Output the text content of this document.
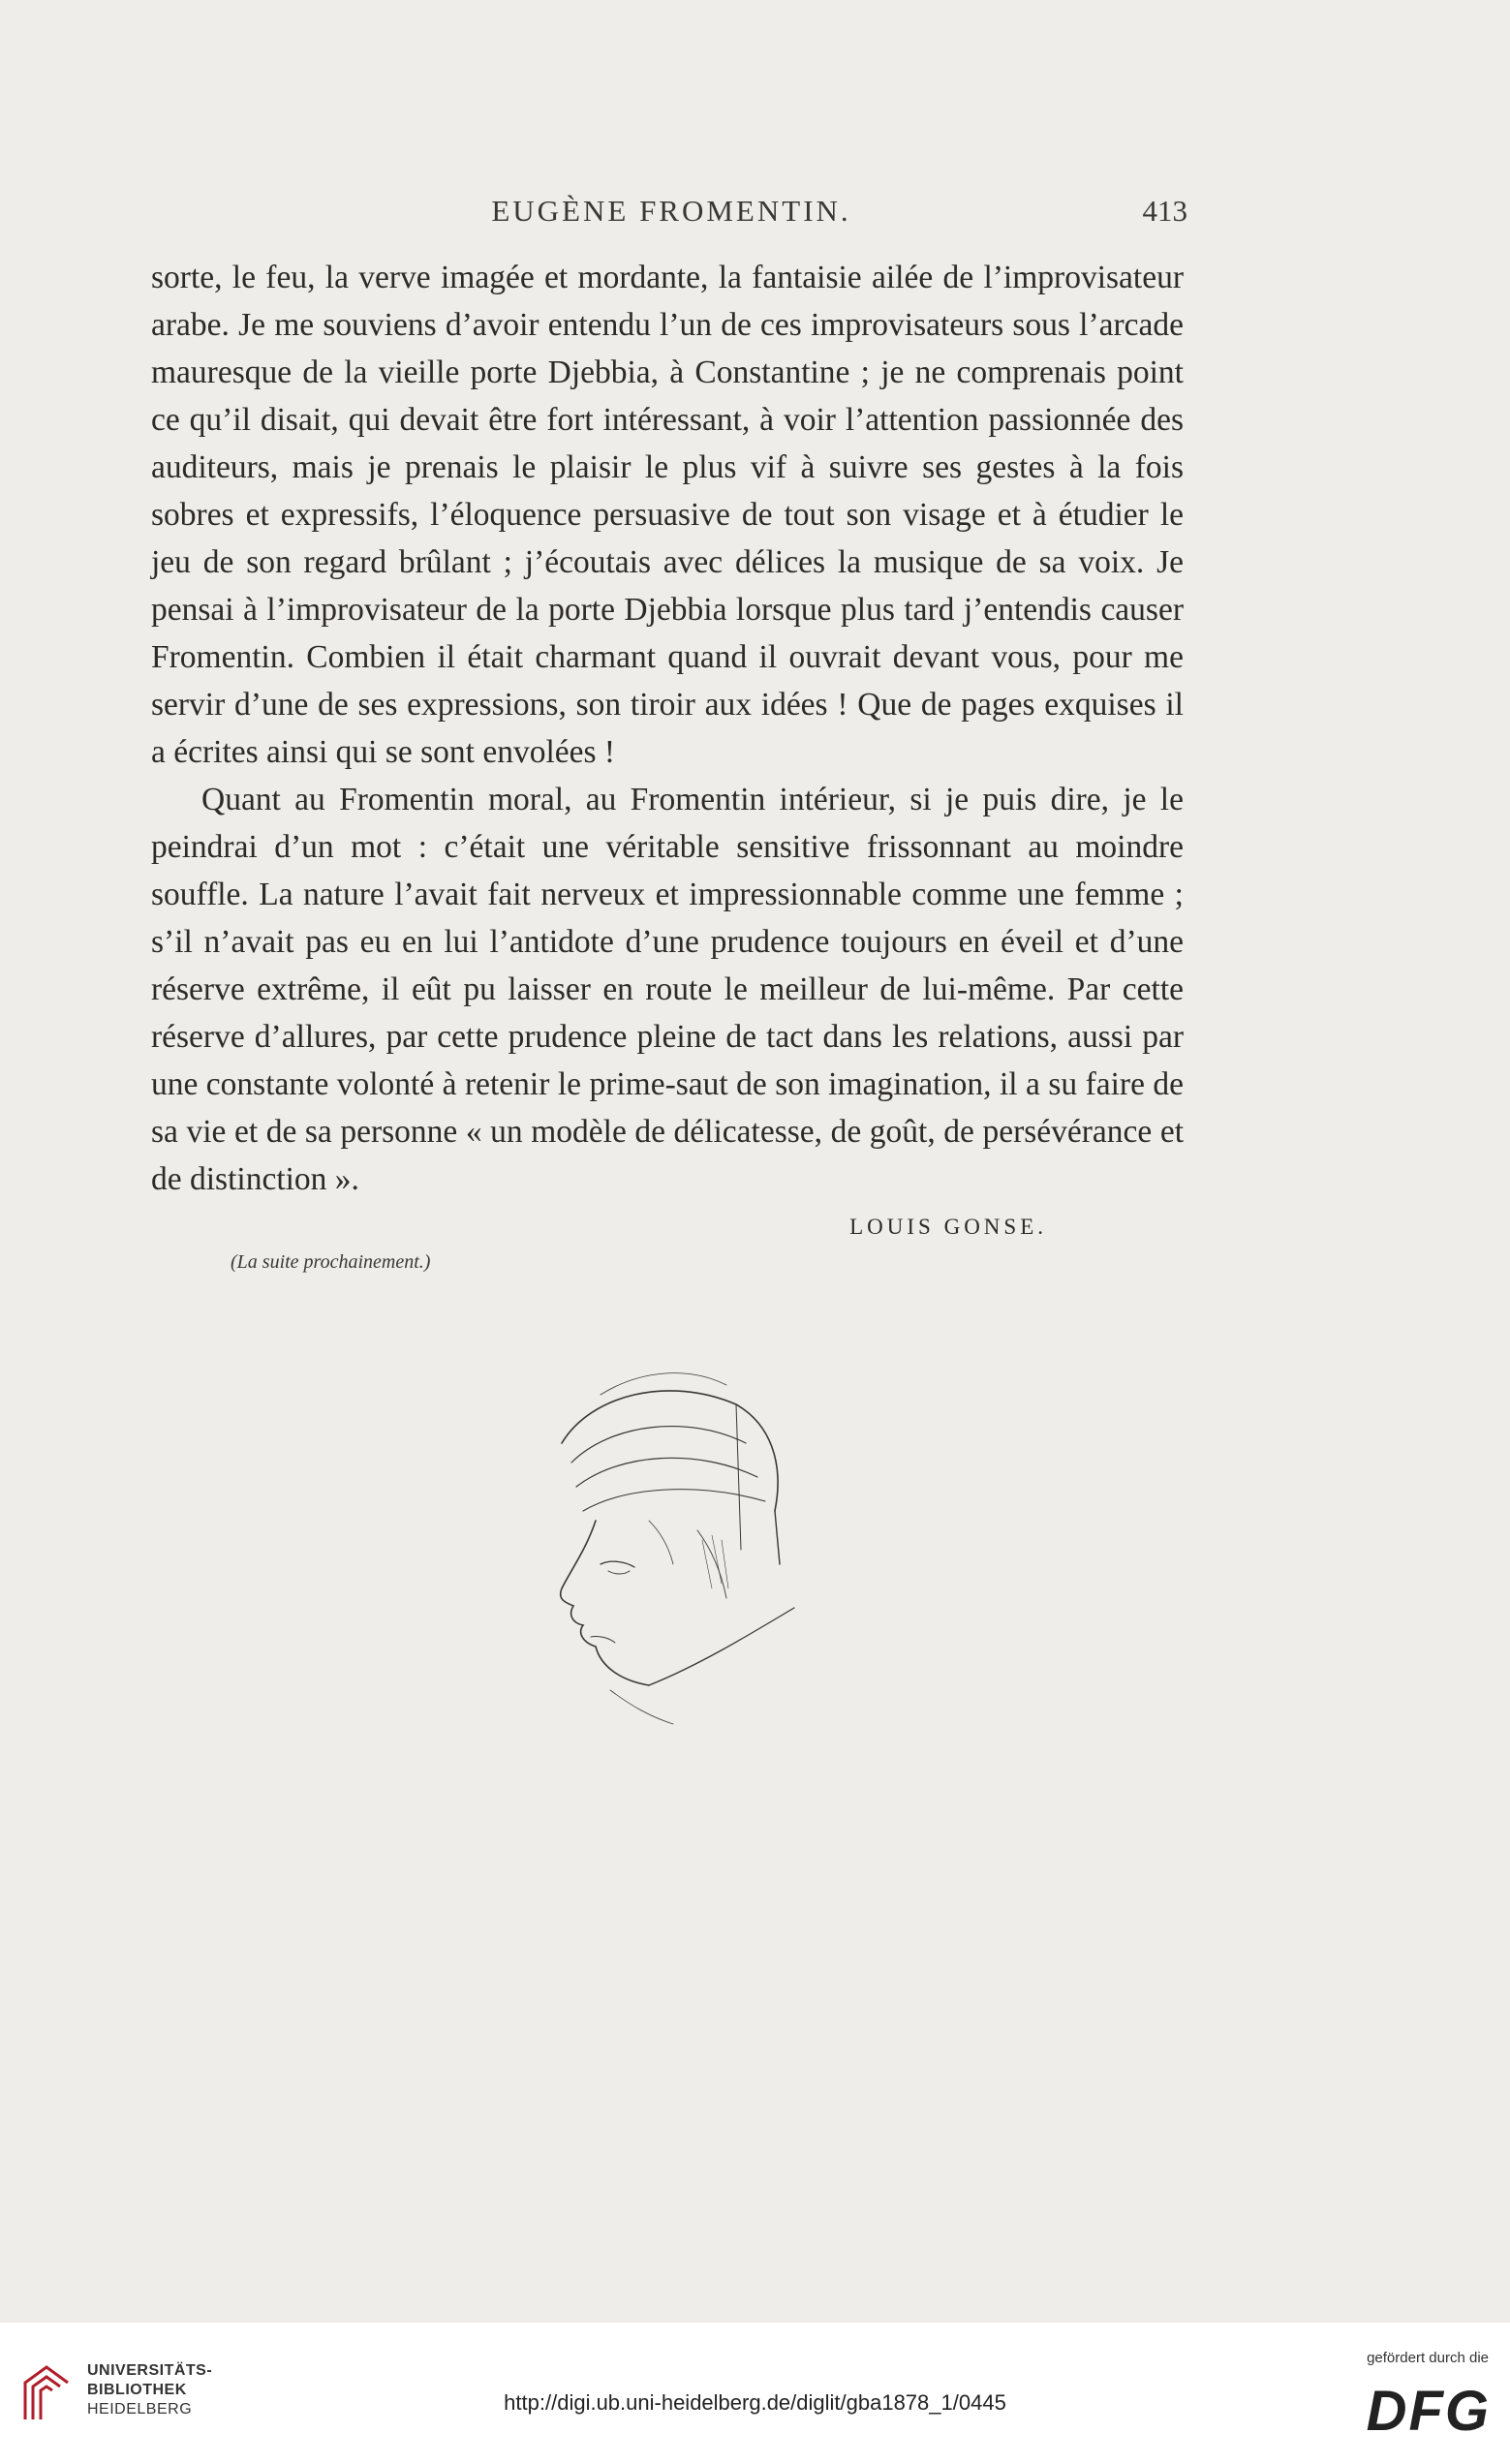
EUGÈNE FROMENTIN.	413

sorte, le feu, la verve imagée et mordante, la fantaisie ailée de l’improvisateur arabe. Je me souviens d’avoir entendu l’un de ces improvisateurs sous l’arcade mauresque de la vieille porte Djebbia, à Constantine ; je ne comprenais point ce qu’il disait, qui devait être fort intéressant, à voir l’attention passionnée des auditeurs, mais je prenais le plaisir le plus vif à suivre ses gestes à la fois sobres et expressifs, l’éloquence persuasive de tout son visage et à étudier le jeu de son regard brûlant ; j’écoutais avec délices la musique de sa voix. Je pensai à l’improvisateur de la porte Djebbia lorsque plus tard j’entendis causer Fromentin. Combien il était charmant quand il ouvrait devant vous, pour me servir d’une de ses expressions, son tiroir aux idées ! Que de pages exquises il a écrites ainsi qui se sont envolées !

Quant au Fromentin moral, au Fromentin intérieur, si je puis dire, je le peindrai d’un mot : c’était une véritable sensitive frissonnant au moindre souffle. La nature l’avait fait nerveux et impressionnable comme une femme ; s’il n’avait pas eu en lui l’antidote d’une prudence toujours en éveil et d’une réserve extrême, il eût pu laisser en route le meilleur de lui-même. Par cette réserve d’allures, par cette prudence pleine de tact dans les relations, aussi par une constante volonté à retenir le prime-saut de son imagination, il a su faire de sa vie et de sa personne « un modèle de délicatesse, de goût, de persévérance et de distinction ».

LOUIS GONSE.
(La suite prochainement.)
UNIVERSITÄTS-
BIBLIOTHEK
HEIDELBERG	http://digi.ub.uni-heidelberg.de/diglit/gba1878_1/0445
gefördert durch die
DFG
